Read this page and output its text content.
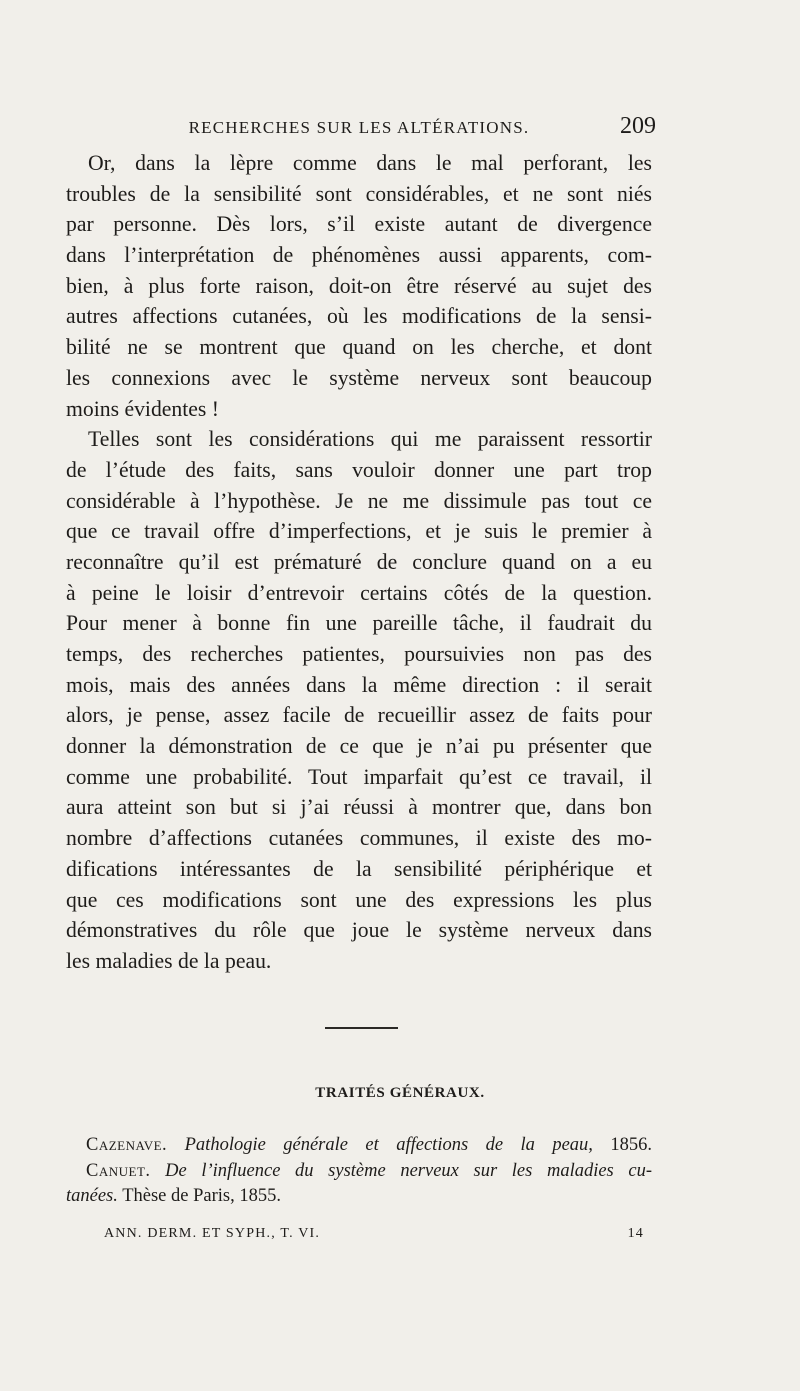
RECHERCHES SUR LES ALTÉRATIONS.	209
Or, dans la lèpre comme dans le mal perforant, les
troubles de la sensibilité sont considérables, et ne sont niés
par personne. Dès lors, s’il existe autant de divergence
dans l’interprétation de phénomènes aussi apparents, com-
bien, à plus forte raison, doit-on être réservé au sujet des
autres affections cutanées, où les modifications de la sensi-
bilité ne se montrent que quand on les cherche, et dont
les connexions avec le système nerveux sont beaucoup
moins évidentes !
Telles sont les considérations qui me paraissent ressortir
de l’étude des faits, sans vouloir donner une part trop
considérable à l’hypothèse. Je ne me dissimule pas tout ce
que ce travail offre d’imperfections, et je suis le premier à
reconnaître qu’il est prématuré de conclure quand on a eu
à peine le loisir d’entrevoir certains côtés de la question.
Pour mener à bonne fin une pareille tâche, il faudrait du
temps, des recherches patientes, poursuivies non pas des
mois, mais des années dans la même direction : il serait
alors, je pense, assez facile de recueillir assez de faits pour
donner la démonstration de ce que je n’ai pu présenter que
comme une probabilité. Tout imparfait qu’est ce travail, il
aura atteint son but si j’ai réussi à montrer que, dans bon
nombre d’affections cutanées communes, il existe des mo-
difications intéressantes de la sensibilité périphérique et
que ces modifications sont une des expressions les plus
démonstratives du rôle que joue le système nerveux dans
les maladies de la peau.
TRAITÉS GÉNÉRAUX.
Cazenave. Pathologie générale et affections de la peau, 1856.
Canuet. De l’influence du système nerveux sur les maladies cu-
tanées. Thèse de Paris, 1855.
ANN. DERM. ET SYPH., T. VI.	14
